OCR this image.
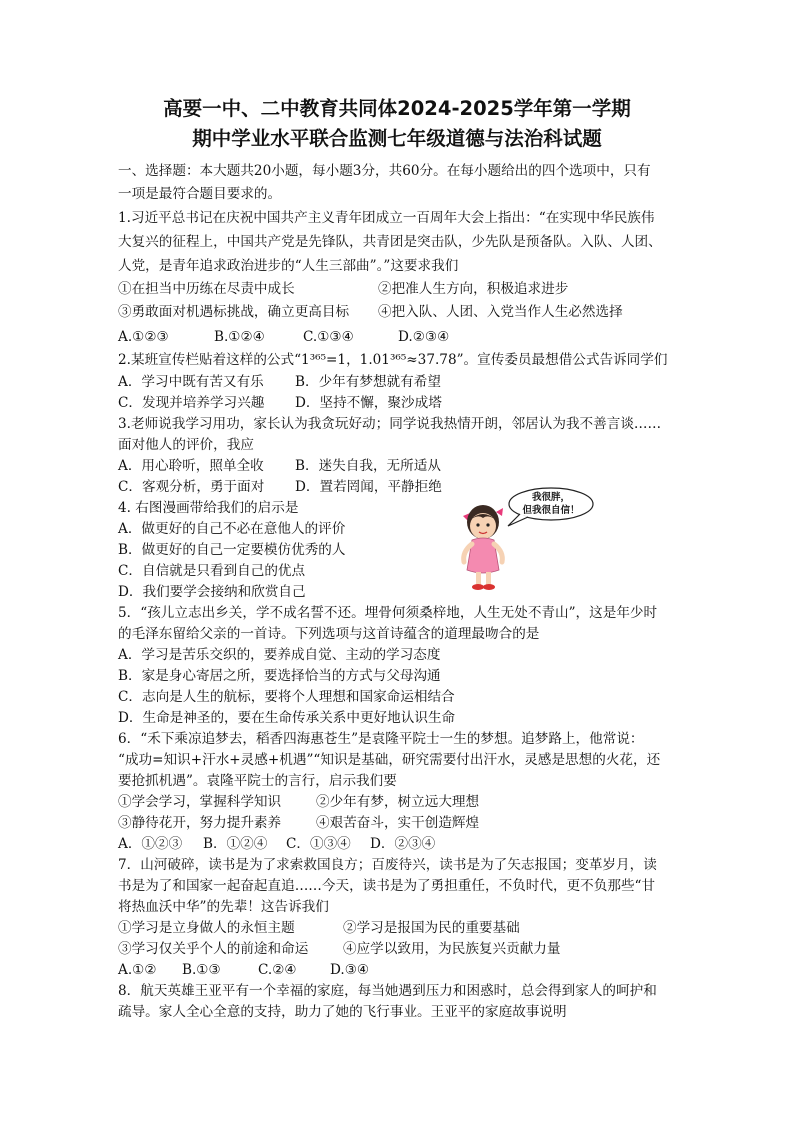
高要一中、二中教育共同体2024-2025学年第一学期
期中学业水平联合监测七年级道德与法治科试题
一、选择题：本大题共20小题，每小题3分，共60分。在每小题给出的四个选项中，只有
一项是最符合题目要求的。
1.习近平总书记在庆祝中国共产主义青年团成立一百周年大会上指出：“在实现中华民族伟
大复兴的征程上，中国共产党是先锋队，共青团是突击队，少先队是预备队。入队、人团、
人党，是青年追求政治进步的“人生三部曲”。”这要求我们
①在担当中历练在尽责中成长	②把准人生方向，积极追求进步
③勇敢面对机遇标挑战，确立更高目标 ④把入队、人团、入党当作人生必然选择
A.①②③	B.①②④	C.①③④	D.②③④
2.某班宣传栏贴着这样的公式“1³⁶⁵=1，1.01³⁶⁵≈37.78”。宣传委员最想借公式告诉同学们
A．学习中既有苦又有乐 B．少年有梦想就有希望
C．发现并培养学习兴趣 D．坚持不懈，聚沙成塔
3.老师说我学习用功，家长认为我贪玩好动；同学说我热情开朗，邻居认为我不善言谈……
面对他人的评价，我应
A．用心聆听，照单全收 B．迷失自我，无所适从
C．客观分析，勇于面对 D．置若罔闻，平静拒绝
4. 右图漫画带给我们的启示是
A．做更好的自己不必在意他人的评价
B．做更好的自己一定要模仿优秀的人
C．自信就是只看到自己的优点
D．我们要学会接纳和欣赏自己
我很胖，
但我很自信！
5．“孩儿立志出乡关，学不成名誓不还。埋骨何须桑梓地，人生无处不青山”，这是年少时
的毛泽东留给父亲的一首诗。下列选项与这首诗蕴含的道理最吻合的是
A．学习是苦乐交织的，要养成自觉、主动的学习态度
B．家是身心寄居之所，要选择恰当的方式与父母沟通
C．志向是人生的航标，要将个人理想和国家命运相结合
D．生命是神圣的，要在生命传承关系中更好地认识生命
6．“禾下乘凉追梦去，稻香四海惠苍生”是袁隆平院士一生的梦想。追梦路上，他常说：
“成功=知识+汗水+灵感+机遇”“知识是基础，研究需要付出汗水，灵感是思想的火花，还
要抢抓机遇”。袁隆平院士的言行，启示我们要
①学会学习，掌握科学知识	②少年有梦，树立远大理想
③静待花开，努力提升素养	④艰苦奋斗，实干创造辉煌
A．①②③ B．①②④ C．①③④ D．②③④
7．山河破碎，读书是为了求索救国良方；百废待兴，读书是为了矢志报国；变革岁月，读
书是为了和国家一起奋起直追……今天，读书是为了勇担重任，不负时代，更不负那些“甘
将热血沃中华”的先辈！这告诉我们
①学习是立身做人的永恒主题	②学习是报国为民的重要基础
③学习仅关乎个人的前途和命运	④应学以致用，为民族复兴贡献力量
A.①② B.①③	C.②④ D.③④
8．航天英雄王亚平有一个幸福的家庭，每当她遇到压力和困惑时，总会得到家人的呵护和
疏导。家人全心全意的支持，助力了她的飞行事业。王亚平的家庭故事说明
